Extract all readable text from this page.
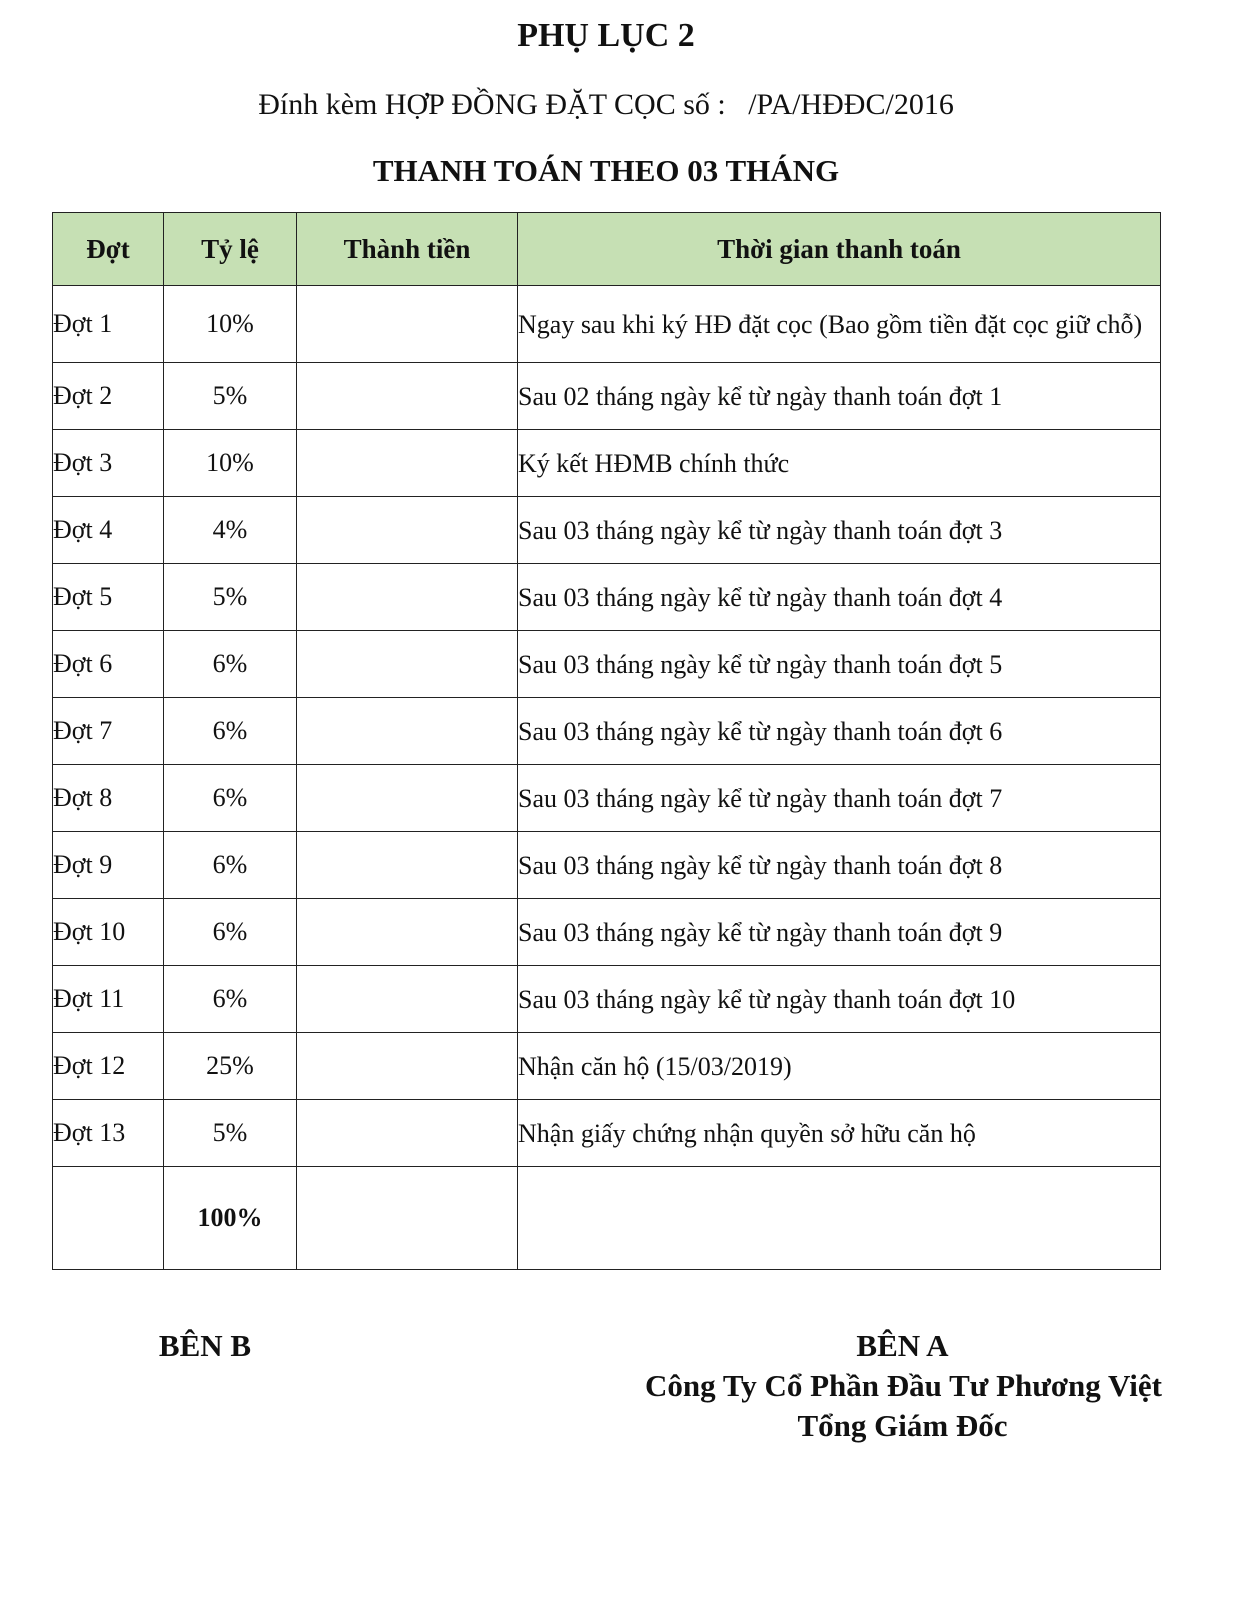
PHỤ LỤC 2
Đính kèm HỢP ĐỒNG ĐẶT CỌC số :   /PA/HĐĐC/2016
THANH TOÁN THEO 03 THÁNG
Đợt	Tỷ lệ	Thành tiền	Thời gian thanh toán
Đợt 1	10%		Ngay sau khi ký HĐ đặt cọc (Bao gồm tiền đặt cọc giữ chỗ)
Đợt 2	5%		Sau 02 tháng ngày kể từ ngày thanh toán đợt 1
Đợt 3	10%		Ký kết HĐMB chính thức
Đợt 4	4%		Sau 03 tháng ngày kể từ ngày thanh toán đợt 3
Đợt 5	5%		Sau 03 tháng ngày kể từ ngày thanh toán đợt 4
Đợt 6	6%		Sau 03 tháng ngày kể từ ngày thanh toán đợt 5
Đợt 7	6%		Sau 03 tháng ngày kể từ ngày thanh toán đợt 6
Đợt 8	6%		Sau 03 tháng ngày kể từ ngày thanh toán đợt 7
Đợt 9	6%		Sau 03 tháng ngày kể từ ngày thanh toán đợt 8
Đợt 10	6%		Sau 03 tháng ngày kể từ ngày thanh toán đợt 9
Đợt 11	6%		Sau 03 tháng ngày kể từ ngày thanh toán đợt 10
Đợt 12	25%		Nhận căn hộ (15/03/2019)
Đợt 13	5%		Nhận giấy chứng nhận quyền sở hữu căn hộ
	100%		
BÊN B	BÊN A
Công Ty Cổ Phần Đầu Tư Phương Việt
Tổng Giám Đốc
